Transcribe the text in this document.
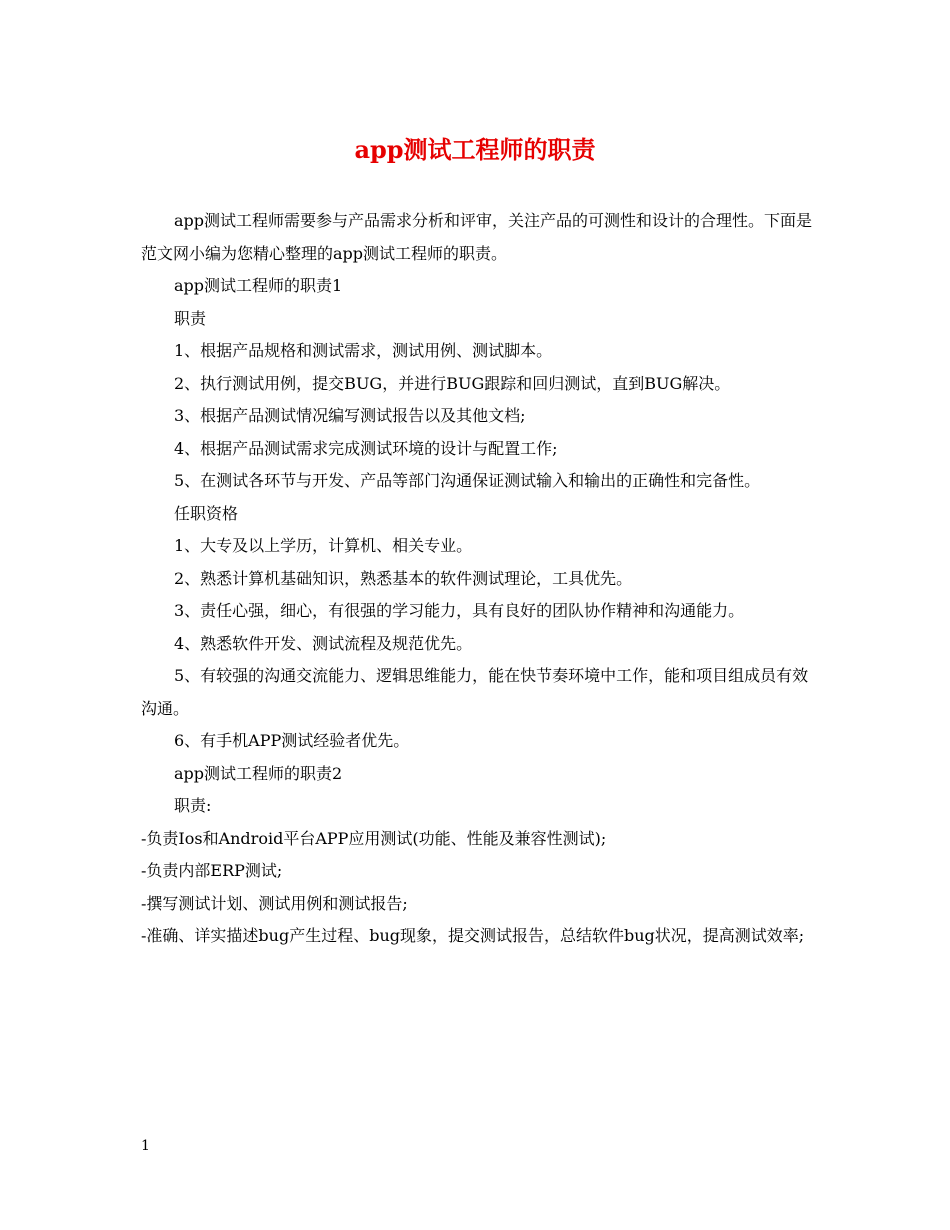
app测试工程师的职责

app测试工程师需要参与产品需求分析和评审，关注产品的可测性和设计的合理性。下面是范文网小编为您精心整理的app测试工程师的职责。

app测试工程师的职责1

职责

1、根据产品规格和测试需求，测试用例、测试脚本。

2、执行测试用例，提交BUG，并进行BUG跟踪和回归测试，直到BUG解决。

3、根据产品测试情况编写测试报告以及其他文档;

4、根据产品测试需求完成测试环境的设计与配置工作;

5、在测试各环节与开发、产品等部门沟通保证测试输入和输出的正确性和完备性。

任职资格

1、大专及以上学历，计算机、相关专业。

2、熟悉计算机基础知识，熟悉基本的软件测试理论，工具优先。

3、责任心强，细心，有很强的学习能力，具有良好的团队协作精神和沟通能力。

4、熟悉软件开发、测试流程及规范优先。

5、有较强的沟通交流能力、逻辑思维能力，能在快节奏环境中工作，能和项目组成员有效沟通。

6、有手机APP测试经验者优先。

app测试工程师的职责2

职责:

-负责Ios和Android平台APP应用测试(功能、性能及兼容性测试);

-负责内部ERP测试;

-撰写测试计划、测试用例和测试报告;

-准确、详实描述bug产生过程、bug现象，提交测试报告，总结软件bug状况，提高测试效率;

1
